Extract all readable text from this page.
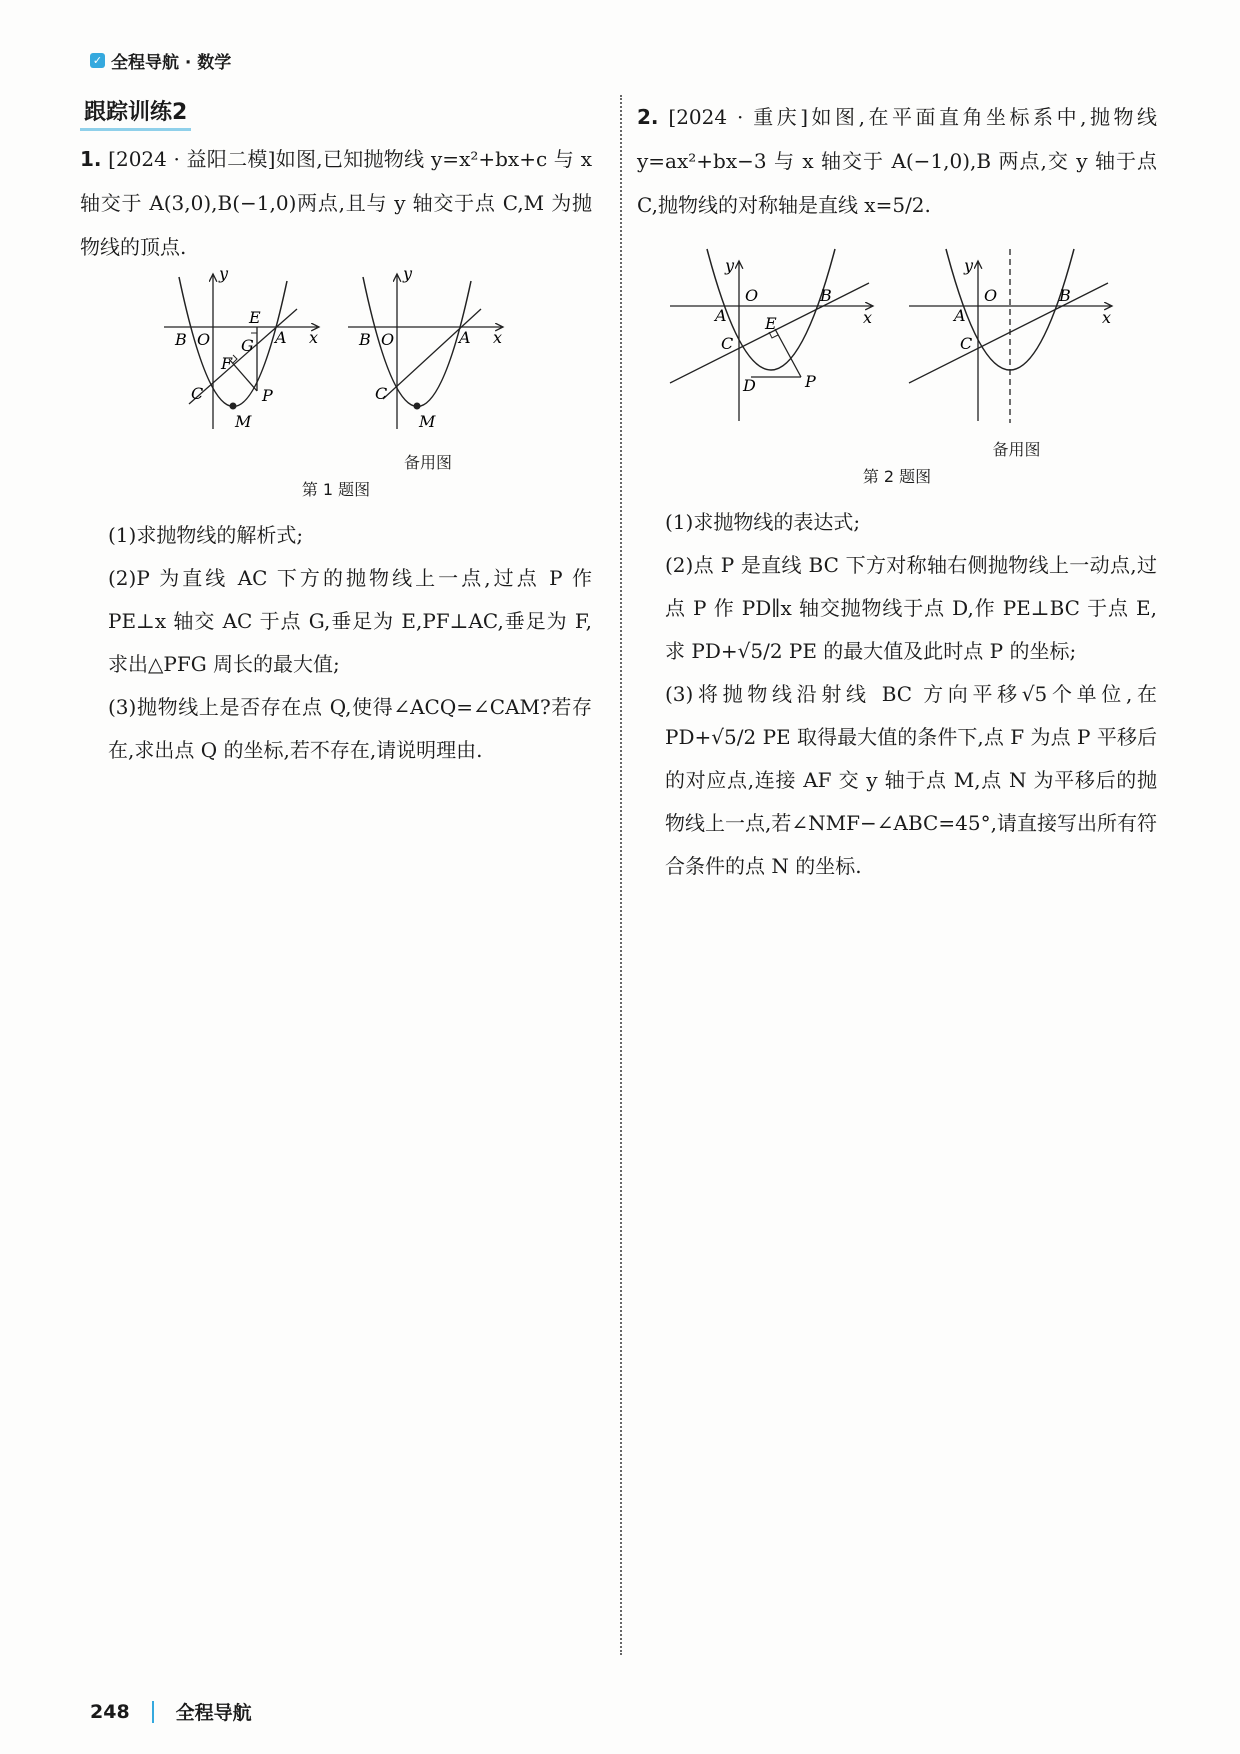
✓ 全程导航 · 数学
跟踪训练2

1. [2024 · 益阳二模]如图,已知抛物线 y=x²+bx+c 与 x 轴交于 A(3,0),B(−1,0)两点,且与 y 轴交于点 C,M 为抛物线的顶点.

x
y
B O	A
E
G
F
C	P
M
x
y
B O	A
C
M
备用图
第 1 题图
(1)求抛物线的解析式;
(2)P 为直线 AC 下方的抛物线上一点,过点 P 作 PE⊥x 轴交 AC 于点 G,垂足为 E,PF⊥AC,垂足为 F,求出△PFG 周长的最大值;
(3)抛物线上是否存在点 Q,使得∠ACQ=∠CAM?若存在,求出点 Q 的坐标,若不存在,请说明理由.

2. [2024 · 重庆]如图,在平面直角坐标系中,抛物线 y=ax²+bx−3 与 x 轴交于 A(−1,0),B 两点,交 y 轴于点 C,抛物线的对称轴是直线 x=5/2.

x
y
O
A
B
C
E
D	P
x
y
O
A
B
C
备用图
第 2 题图
(1)求抛物线的表达式;
(2)点 P 是直线 BC 下方对称轴右侧抛物线上一动点,过点 P 作 PD∥x 轴交抛物线于点 D,作 PE⊥BC 于点 E,求 PD+√5/2 PE 的最大值及此时点 P 的坐标;
(3)将抛物线沿射线 BC 方向平移√5个单位,在 PD+√5/2 PE 取得最大值的条件下,点 F 为点 P 平移后的对应点,连接 AF 交 y 轴于点 M,点 N 为平移后的抛物线上一点,若∠NMF−∠ABC=45°,请直接写出所有符合条件的点 N 的坐标.
248 全程导航
